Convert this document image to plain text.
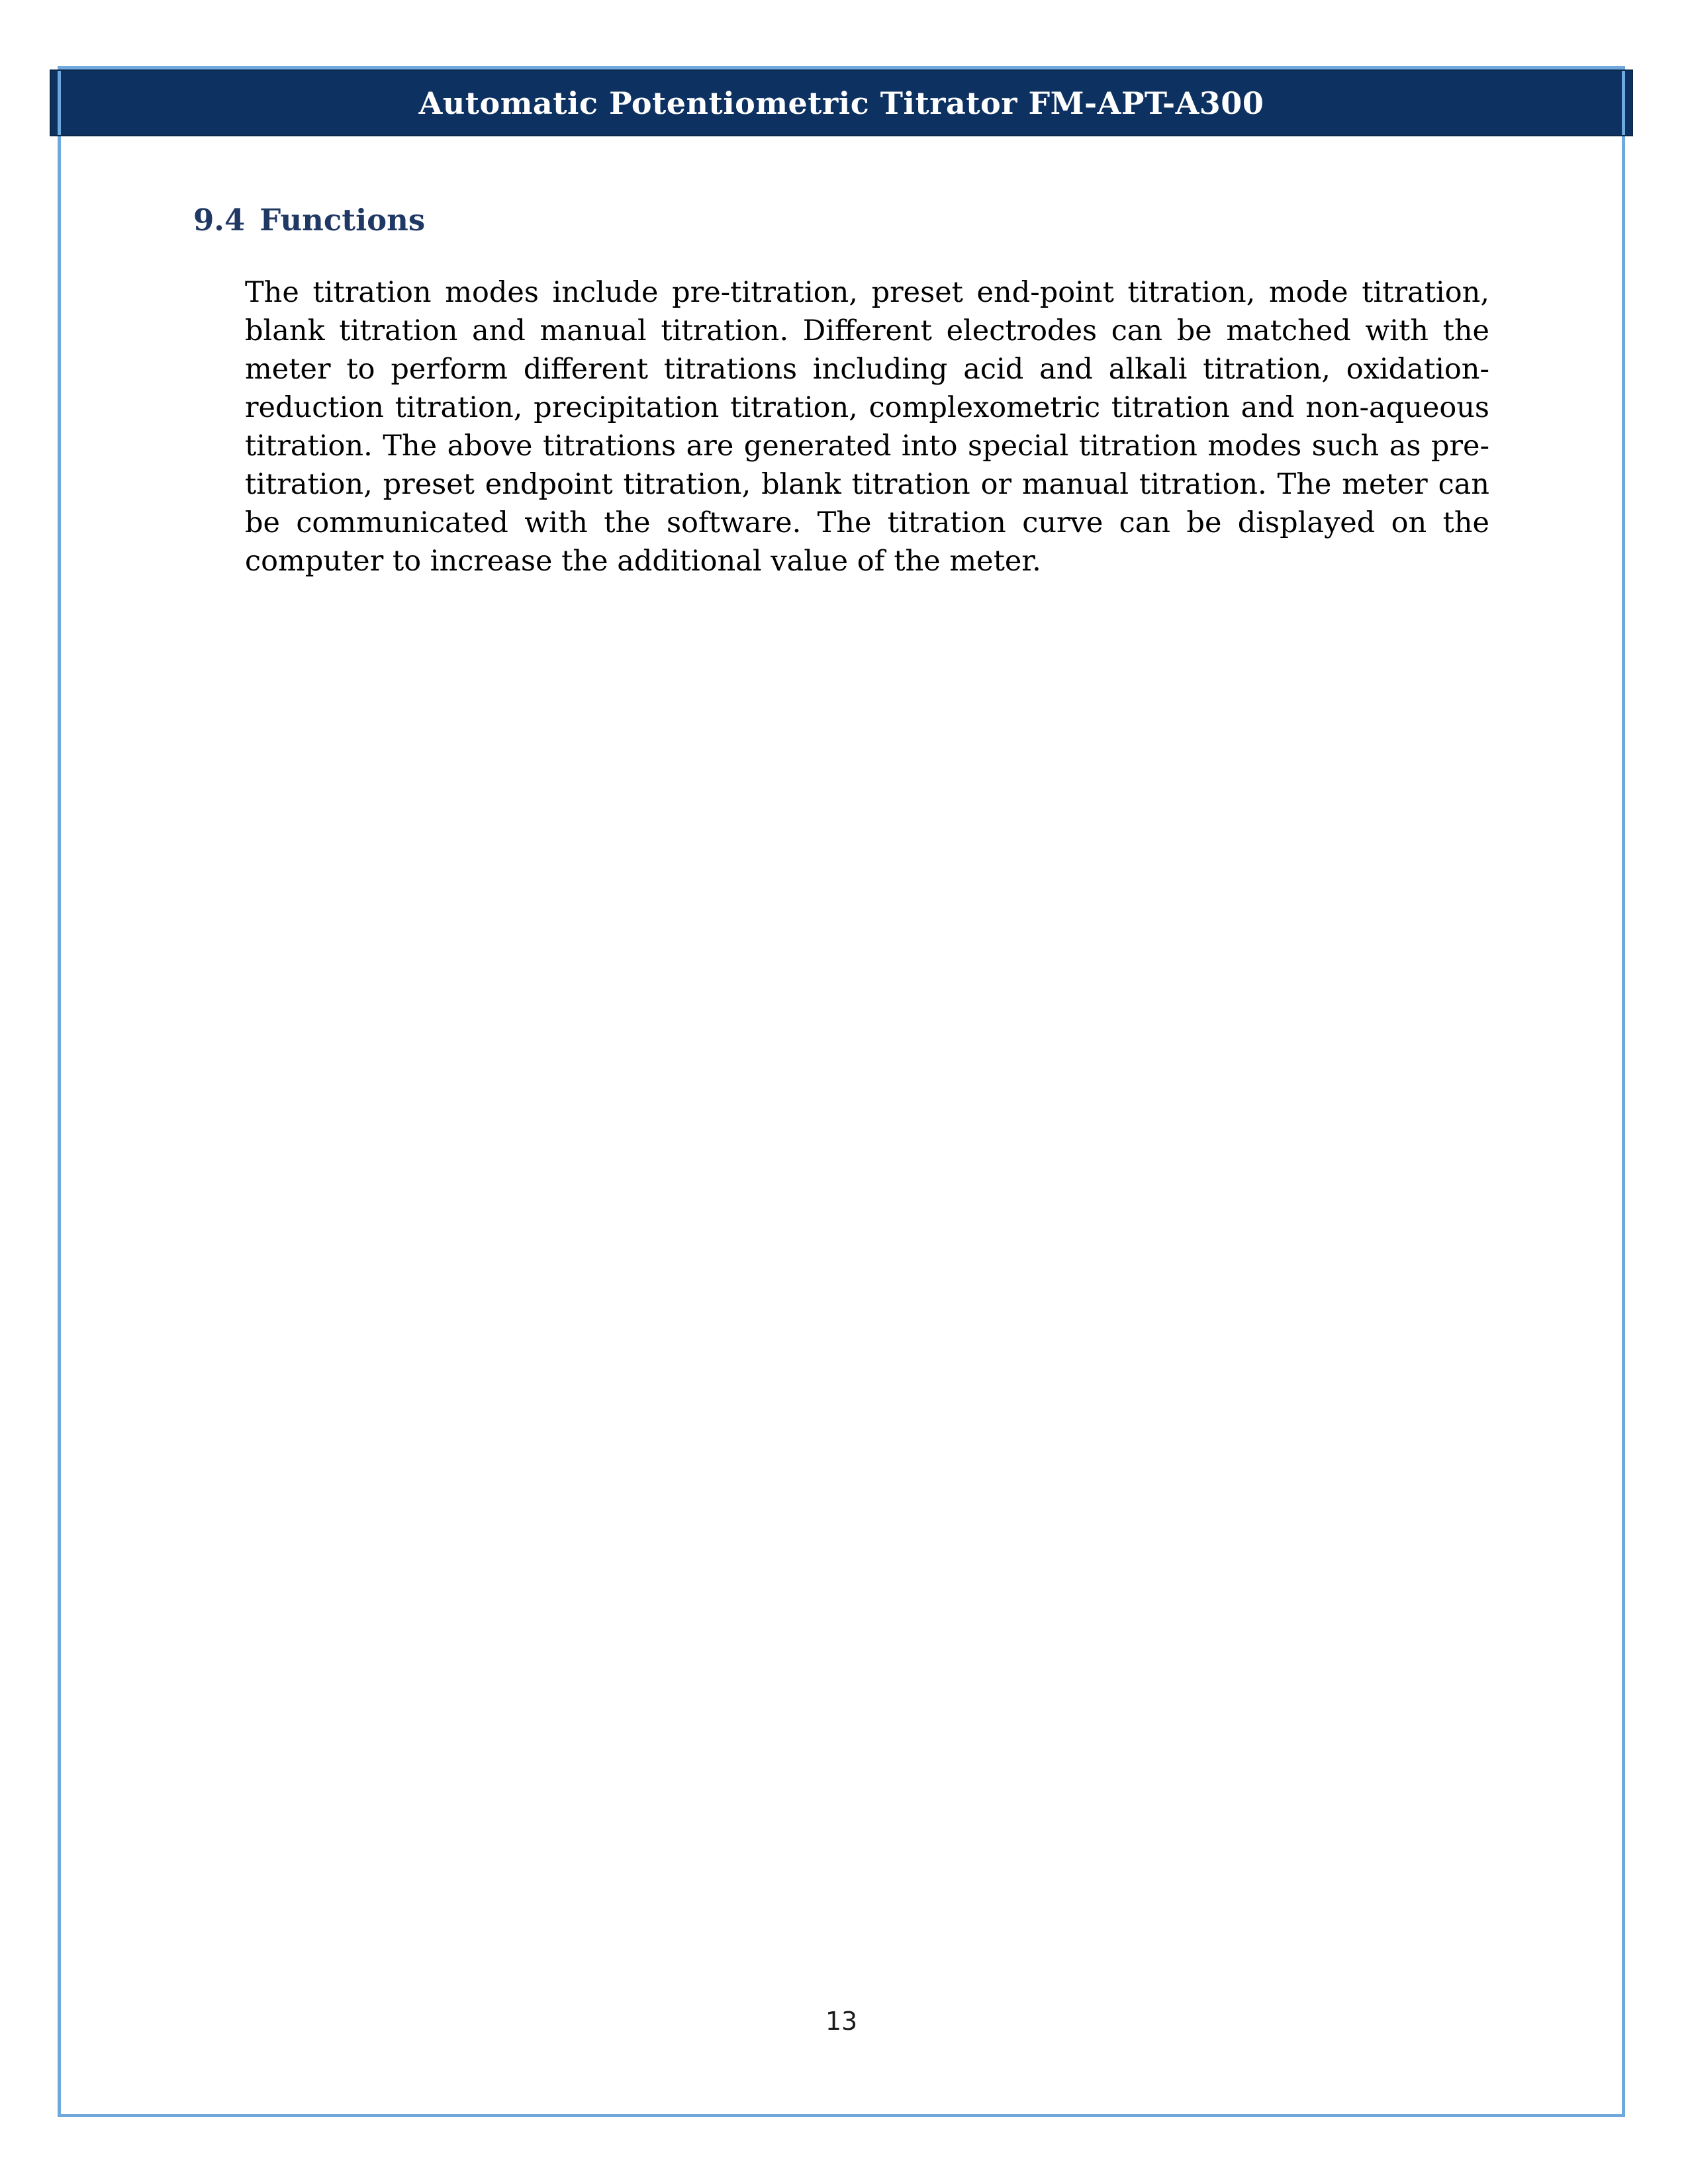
Automatic Potentiometric Titrator FM-APT-A300
9.4 Functions

The titration modes include pre-titration, preset end-point titration, mode titration, blank titration and manual titration. Different electrodes can be matched with the meter to perform different titrations including acid and alkali titration, oxidation-reduction titration, precipitation titration, complexometric titration and non-aqueous titration. The above titrations are generated into special titration modes such as pre-titration, preset endpoint titration, blank titration or manual titration. The meter can be communicated with the software. The titration curve can be displayed on the computer to increase the additional value of the meter.

13
